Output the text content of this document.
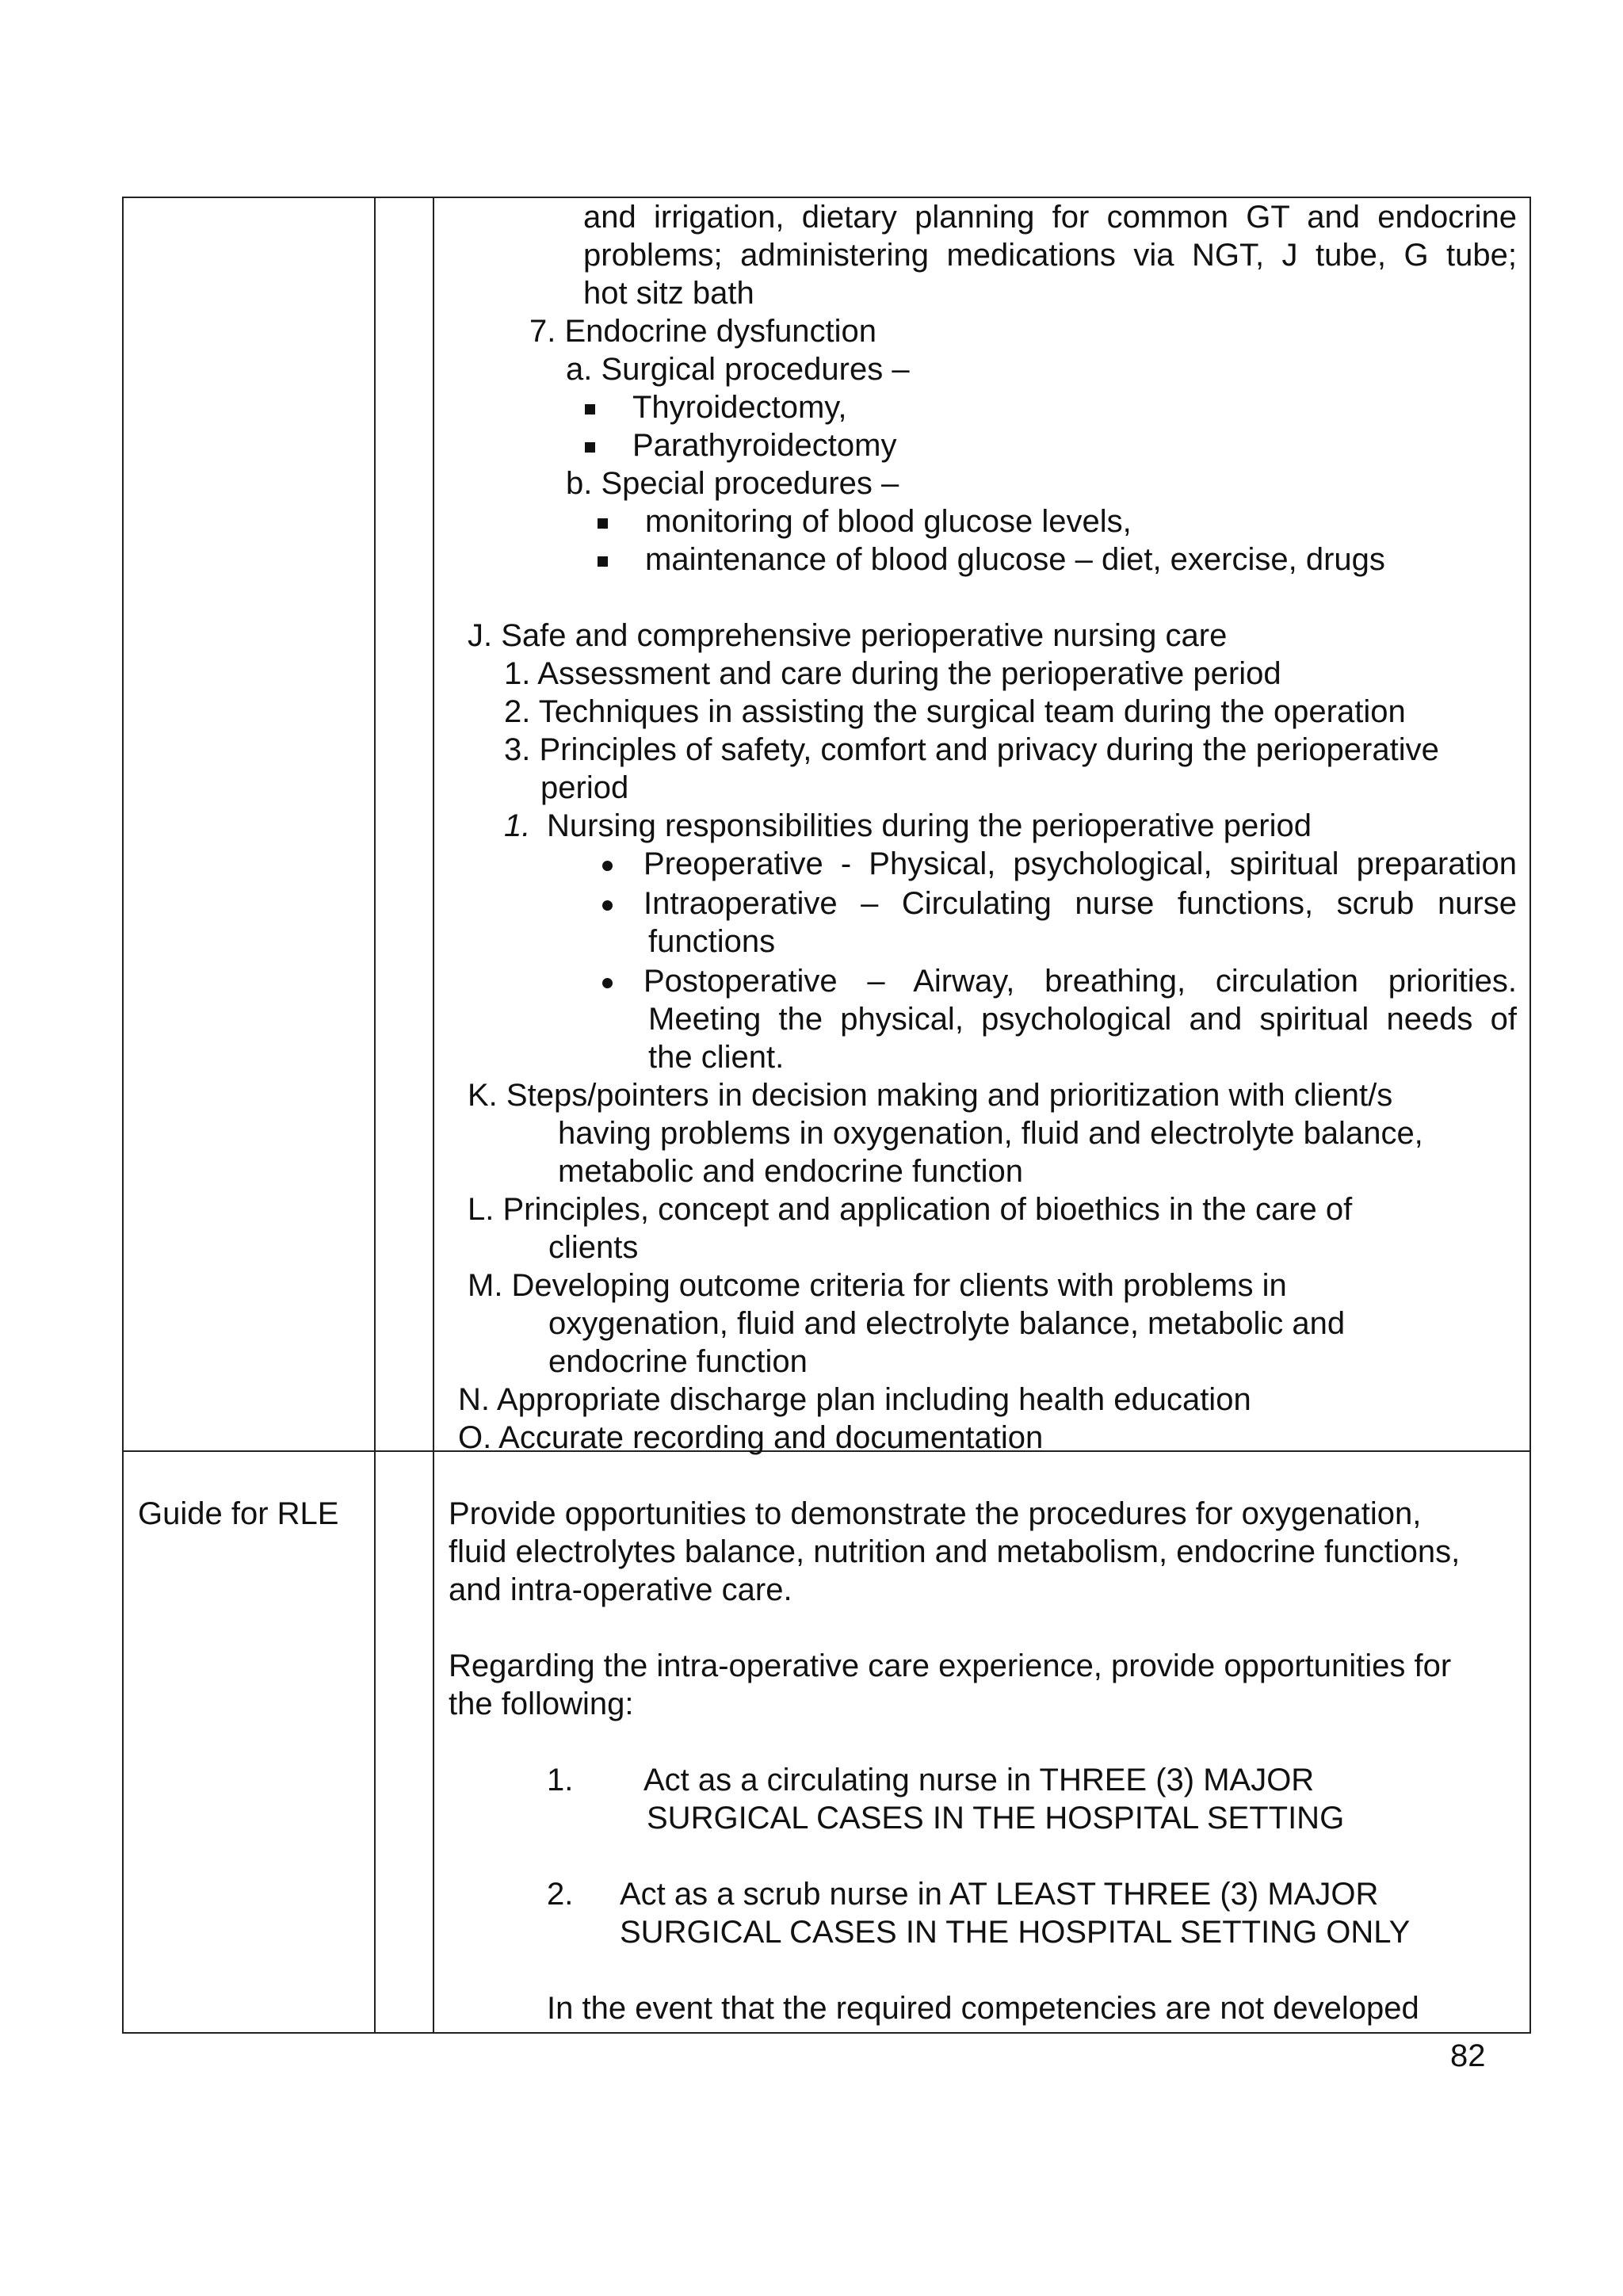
and irrigation, dietary planning for common GT and endocrine
problems; administering medications via NGT, J tube, G tube;
hot sitz bath
7. Endocrine dysfunction
a. Surgical procedures –
Thyroidectomy,
Parathyroidectomy
b. Special procedures –
monitoring of blood glucose levels,
maintenance of blood glucose – diet, exercise, drugs
J. Safe and comprehensive perioperative nursing care
1. Assessment and care during the perioperative period
2. Techniques in assisting the surgical team during the operation
3. Principles of safety, comfort and privacy during the perioperative
period
1. Nursing responsibilities during the perioperative period
Preoperative - Physical, psychological, spiritual preparation
Intraoperative – Circulating nurse functions, scrub nurse
functions
Postoperative – Airway, breathing, circulation priorities.
Meeting the physical, psychological and spiritual needs of
the client.
K. Steps/pointers in decision making and prioritization with client/s
having problems in oxygenation, fluid and electrolyte balance,
metabolic and endocrine function
L. Principles, concept and application of bioethics in the care of
clients
M. Developing outcome criteria for clients with problems in
oxygenation, fluid and electrolyte balance, metabolic and
endocrine function
N. Appropriate discharge plan including health education
O. Accurate recording and documentation
Guide for RLE	Provide opportunities to demonstrate the procedures for oxygenation,
fluid electrolytes balance, nutrition and metabolism, endocrine functions,
and intra-operative care.
Regarding the intra-operative care experience, provide opportunities for
the following:
1. Act as a circulating nurse in THREE (3) MAJOR
SURGICAL CASES IN THE HOSPITAL SETTING
2. Act as a scrub nurse in AT LEAST THREE (3) MAJOR
SURGICAL CASES IN THE HOSPITAL SETTING ONLY
In the event that the required competencies are not developed
82
